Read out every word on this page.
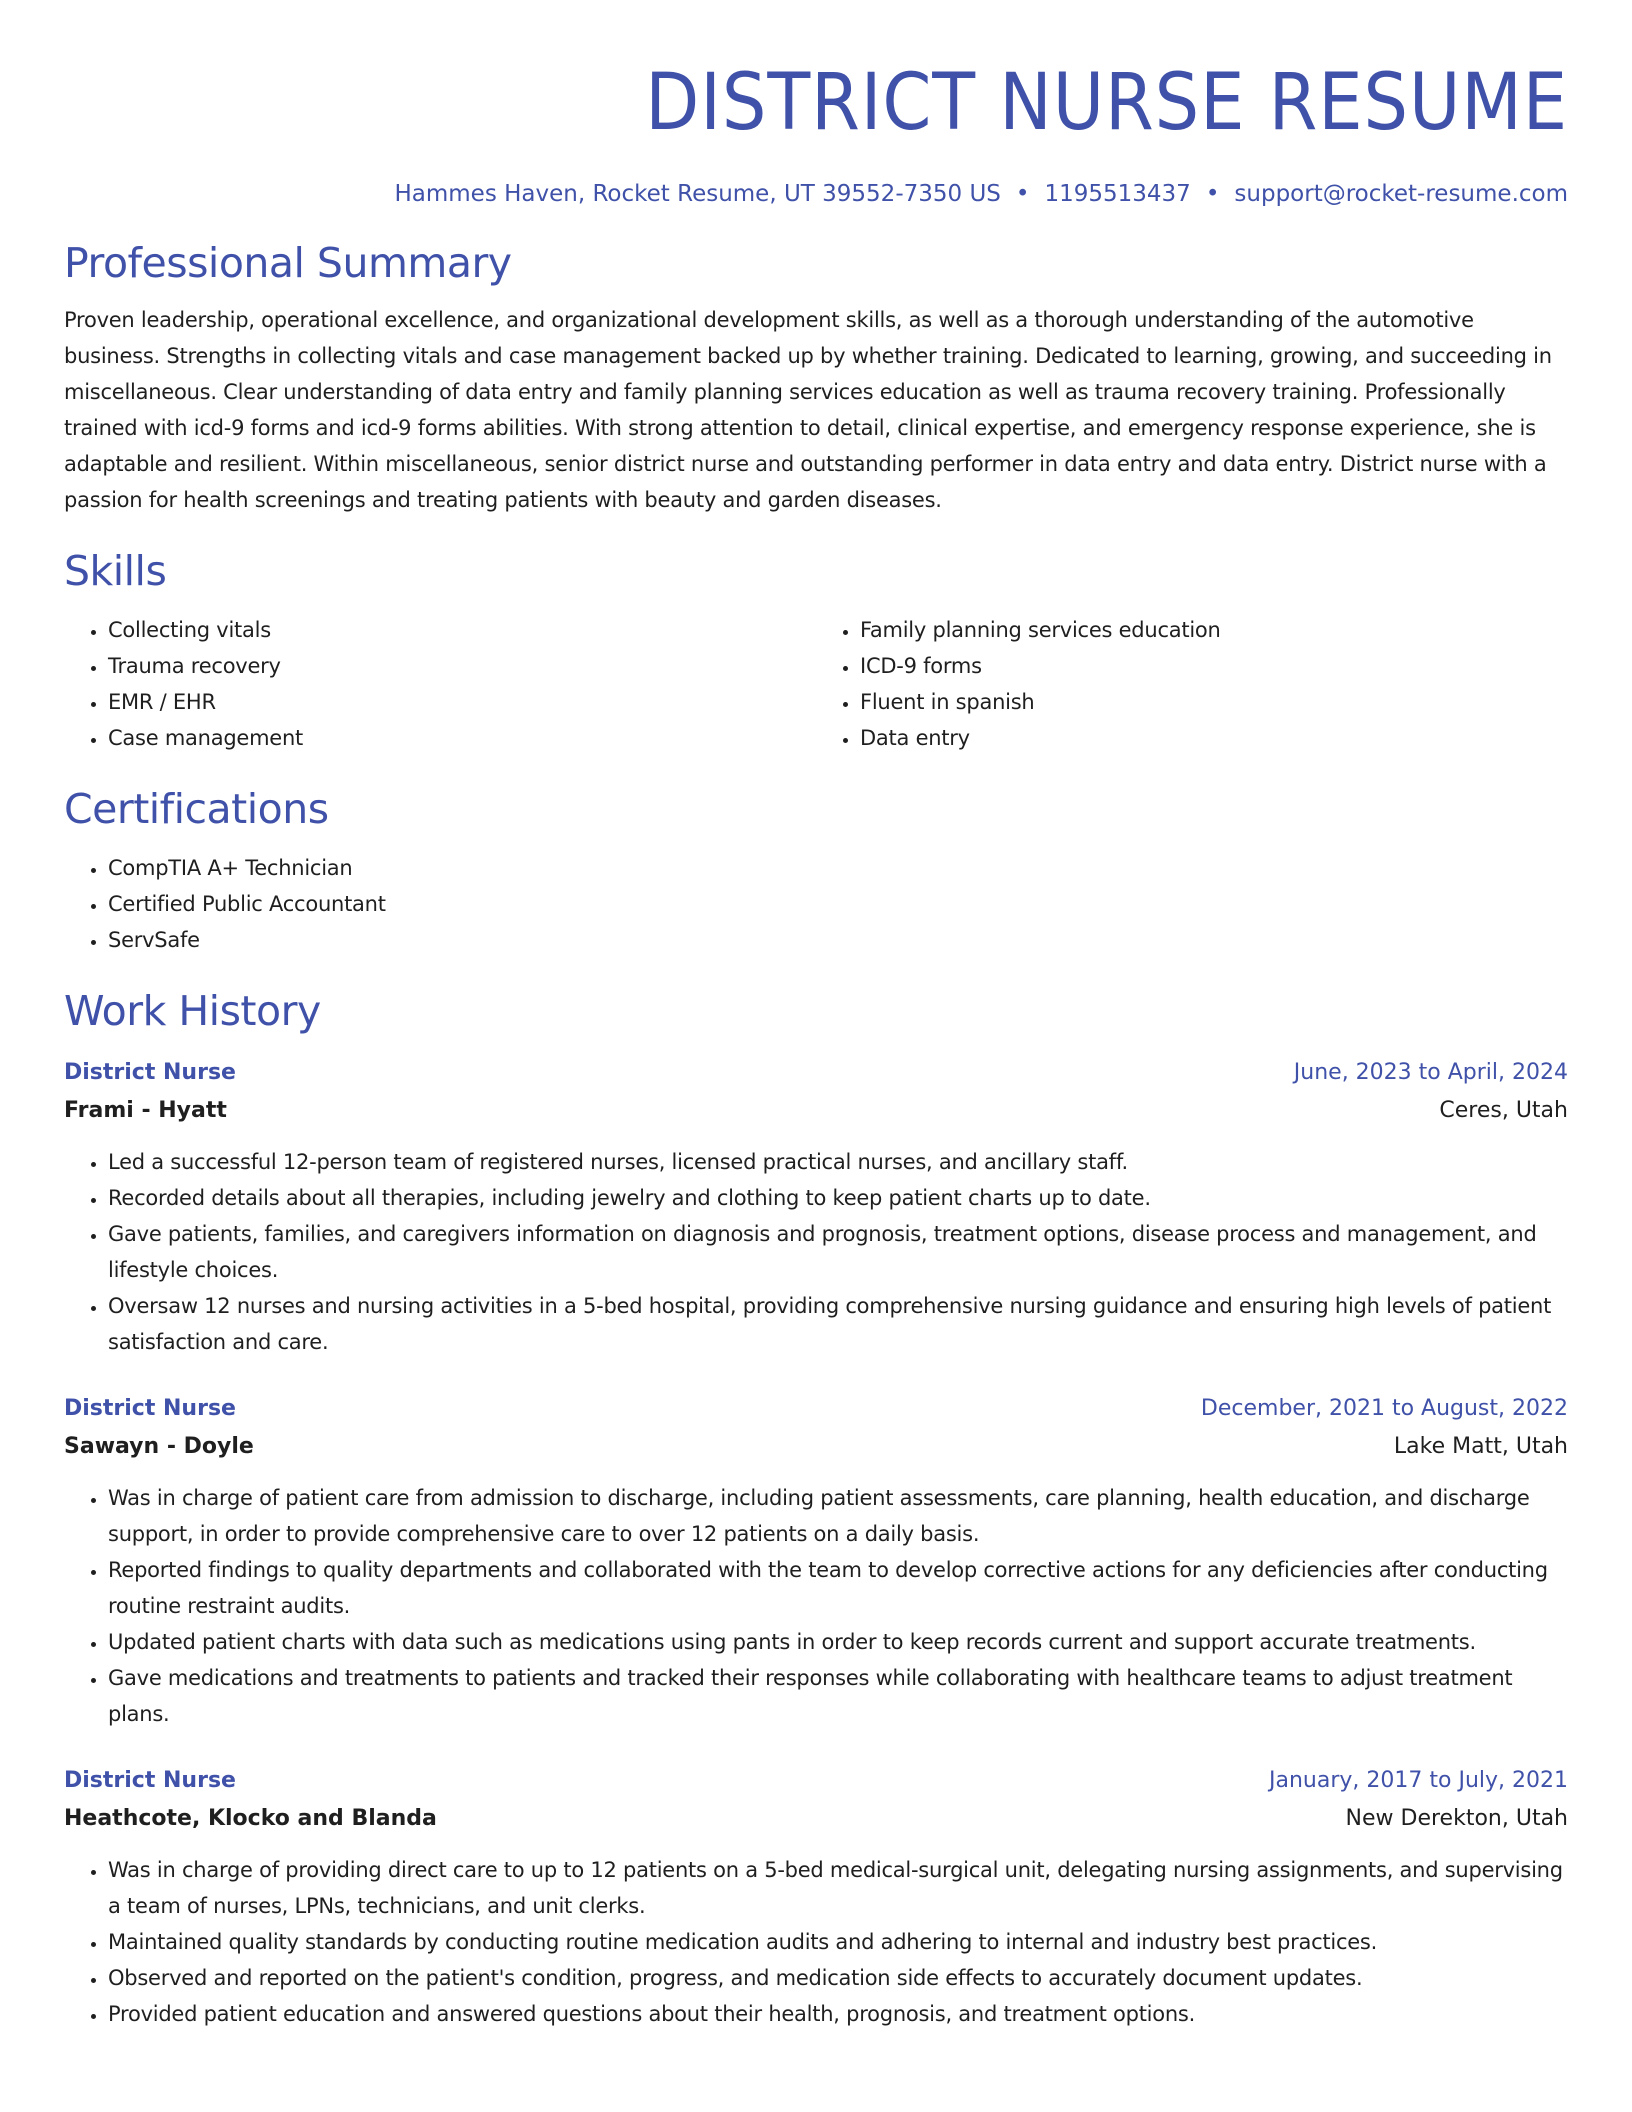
DISTRICT NURSE RESUME
Hammes Haven, Rocket Resume, UT 39552-7350 US • 1195513437 • support@rocket-resume.com
Professional Summary

Proven leadership, operational excellence, and organizational development skills, as well as a thorough understanding of the automotive business. Strengths in collecting vitals and case management backed up by whether training. Dedicated to learning, growing, and succeeding in miscellaneous. Clear understanding of data entry and family planning services education as well as trauma recovery training. Professionally trained with icd-9 forms and icd-9 forms abilities. With strong attention to detail, clinical expertise, and emergency response experience, she is adaptable and resilient. Within miscellaneous, senior district nurse and outstanding performer in data entry and data entry. District nurse with a passion for health screenings and treating patients with beauty and garden diseases.

Skills
• Collecting vitals
• Trauma recovery
• EMR / EHR
• Case management
• Family planning services education
• ICD-9 forms
• Fluent in spanish
• Data entry
Certifications
• CompTIA A+ Technician
• Certified Public Accountant
• ServSafe
Work History
District Nurse	June, 2023 to April, 2024
Frami - Hyatt	Ceres, Utah
• Led a successful 12-person team of registered nurses, licensed practical nurses, and ancillary staff.
• Recorded details about all therapies, including jewelry and clothing to keep patient charts up to date.
• Gave patients, families, and caregivers information on diagnosis and prognosis, treatment options, disease process and management, and lifestyle choices.
• Oversaw 12 nurses and nursing activities in a 5-bed hospital, providing comprehensive nursing guidance and ensuring high levels of patient satisfaction and care.
District Nurse	December, 2021 to August, 2022
Sawayn - Doyle	Lake Matt, Utah
• Was in charge of patient care from admission to discharge, including patient assessments, care planning, health education, and discharge support, in order to provide comprehensive care to over 12 patients on a daily basis.
• Reported findings to quality departments and collaborated with the team to develop corrective actions for any deficiencies after conducting routine restraint audits.
• Updated patient charts with data such as medications using pants in order to keep records current and support accurate treatments.
• Gave medications and treatments to patients and tracked their responses while collaborating with healthcare teams to adjust treatment plans.
District Nurse	January, 2017 to July, 2021
Heathcote, Klocko and Blanda	New Derekton, Utah
• Was in charge of providing direct care to up to 12 patients on a 5-bed medical-surgical unit, delegating nursing assignments, and supervising a team of nurses, LPNs, technicians, and unit clerks.
• Maintained quality standards by conducting routine medication audits and adhering to internal and industry best practices.
• Observed and reported on the patient's condition, progress, and medication side effects to accurately document updates.
• Provided patient education and answered questions about their health, prognosis, and treatment options.
